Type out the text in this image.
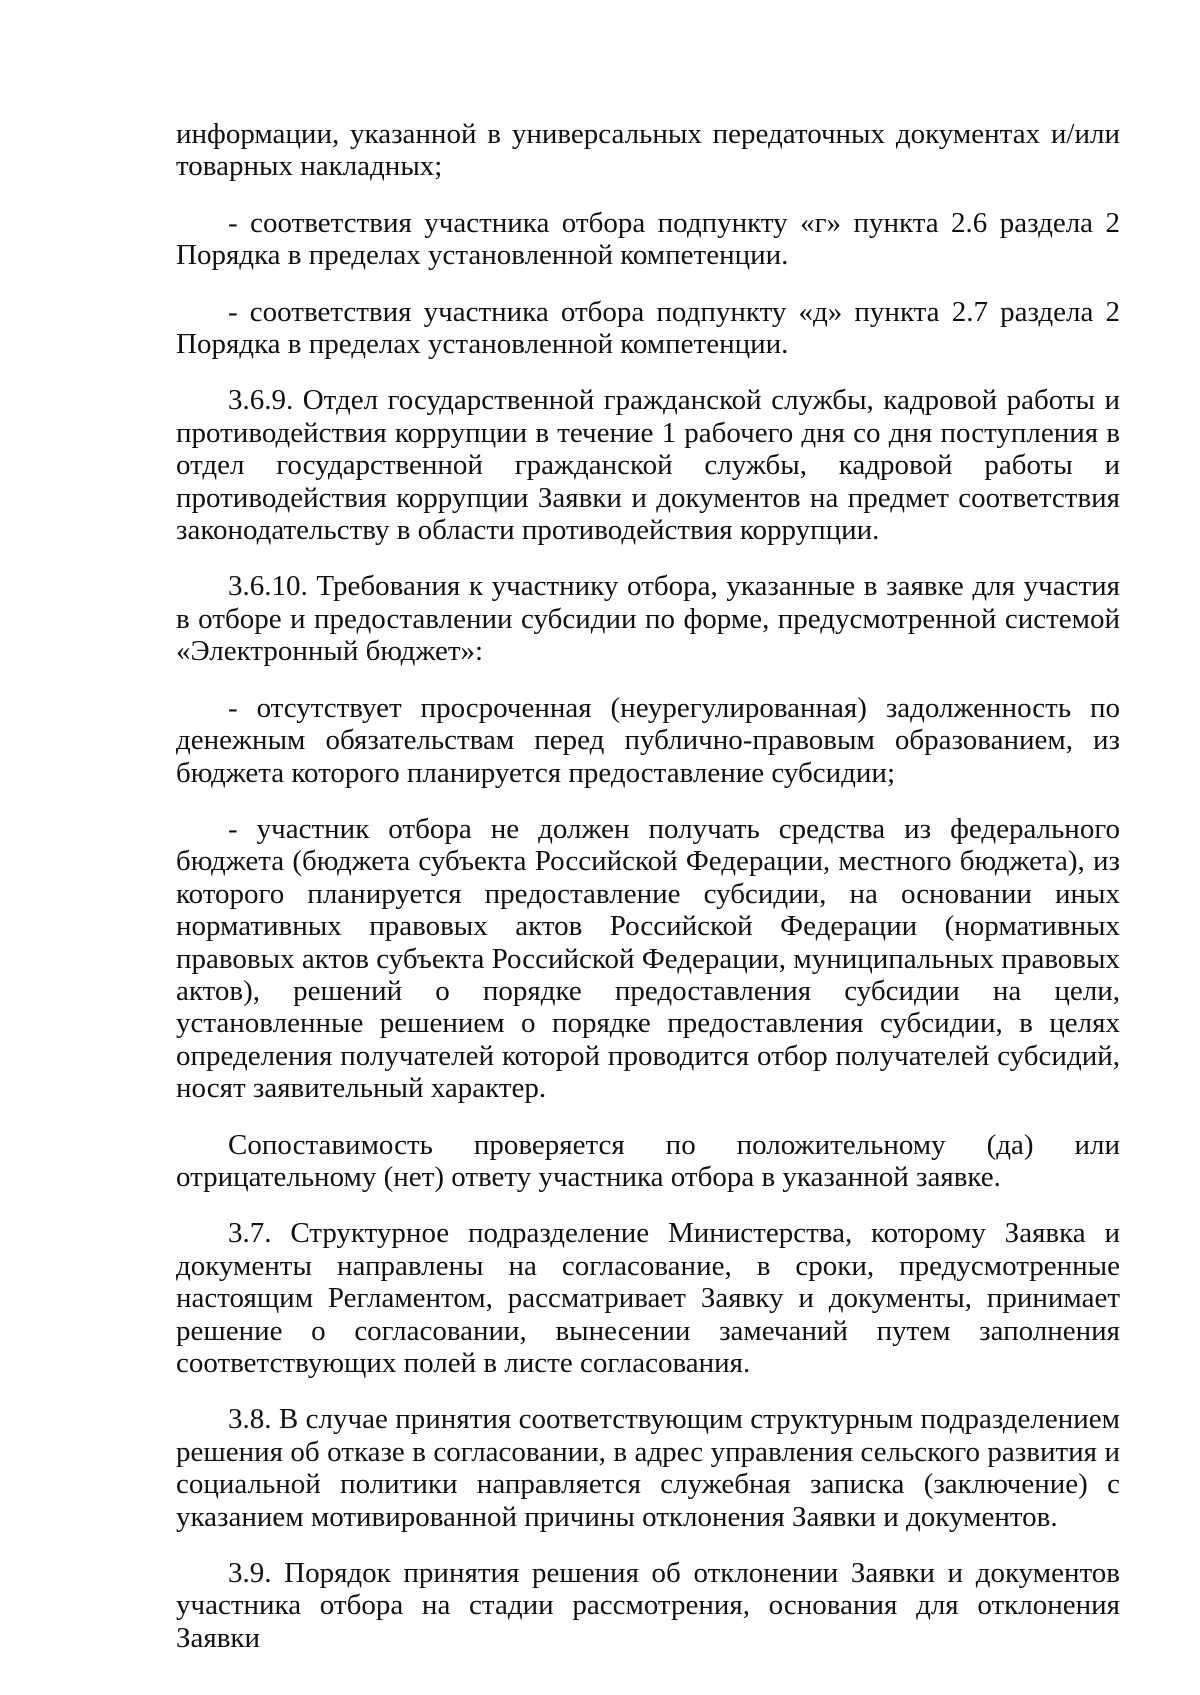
информации, указанной в универсальных передаточных документах и/или товарных накладных;

- соответствия участника отбора подпункту «г» пункта 2.6 раздела 2 Порядка в пределах установленной компетенции.

- соответствия участника отбора подпункту «д» пункта 2.7 раздела 2 Порядка в пределах установленной компетенции.

3.6.9. Отдел государственной гражданской службы, кадровой работы и противодействия коррупции в течение 1 рабочего дня со дня поступления в отдел государственной гражданской службы, кадровой работы и противодействия коррупции Заявки и документов на предмет соответствия законодательству в области противодействия коррупции.

3.6.10. Требования к участнику отбора, указанные в заявке для участия в отборе и предоставлении субсидии по форме, предусмотренной системой «Электронный бюджет»:

- отсутствует просроченная (неурегулированная) задолженность по денежным обязательствам перед публично-правовым образованием, из бюджета которого планируется предоставление субсидии;

- участник отбора не должен получать средства из федерального бюджета (бюджета субъекта Российской Федерации, местного бюджета), из которого планируется предоставление субсидии, на основании иных нормативных правовых актов Российской Федерации (нормативных правовых актов субъекта Российской Федерации, муниципальных правовых актов), решений о порядке предоставления субсидии на цели, установленные решением о порядке предоставления субсидии, в целях определения получателей которой проводится отбор получателей субсидий, носят заявительный характер.

Сопоставимость проверяется по положительному (да) или отрицательному (нет) ответу участника отбора в указанной заявке.

3.7. Структурное подразделение Министерства, которому Заявка и документы направлены на согласование, в сроки, предусмотренные настоящим Регламентом, рассматривает Заявку и документы, принимает решение о согласовании, вынесении замечаний путем заполнения соответствующих полей в листе согласования.

3.8. В случае принятия соответствующим структурным подразделением решения об отказе в согласовании, в адрес управления сельского развития и социальной политики направляется служебная записка (заключение) с указанием мотивированной причины отклонения Заявки и документов.

3.9. Порядок принятия решения об отклонении Заявки и документов участника отбора на стадии рассмотрения, основания для отклонения Заявки
